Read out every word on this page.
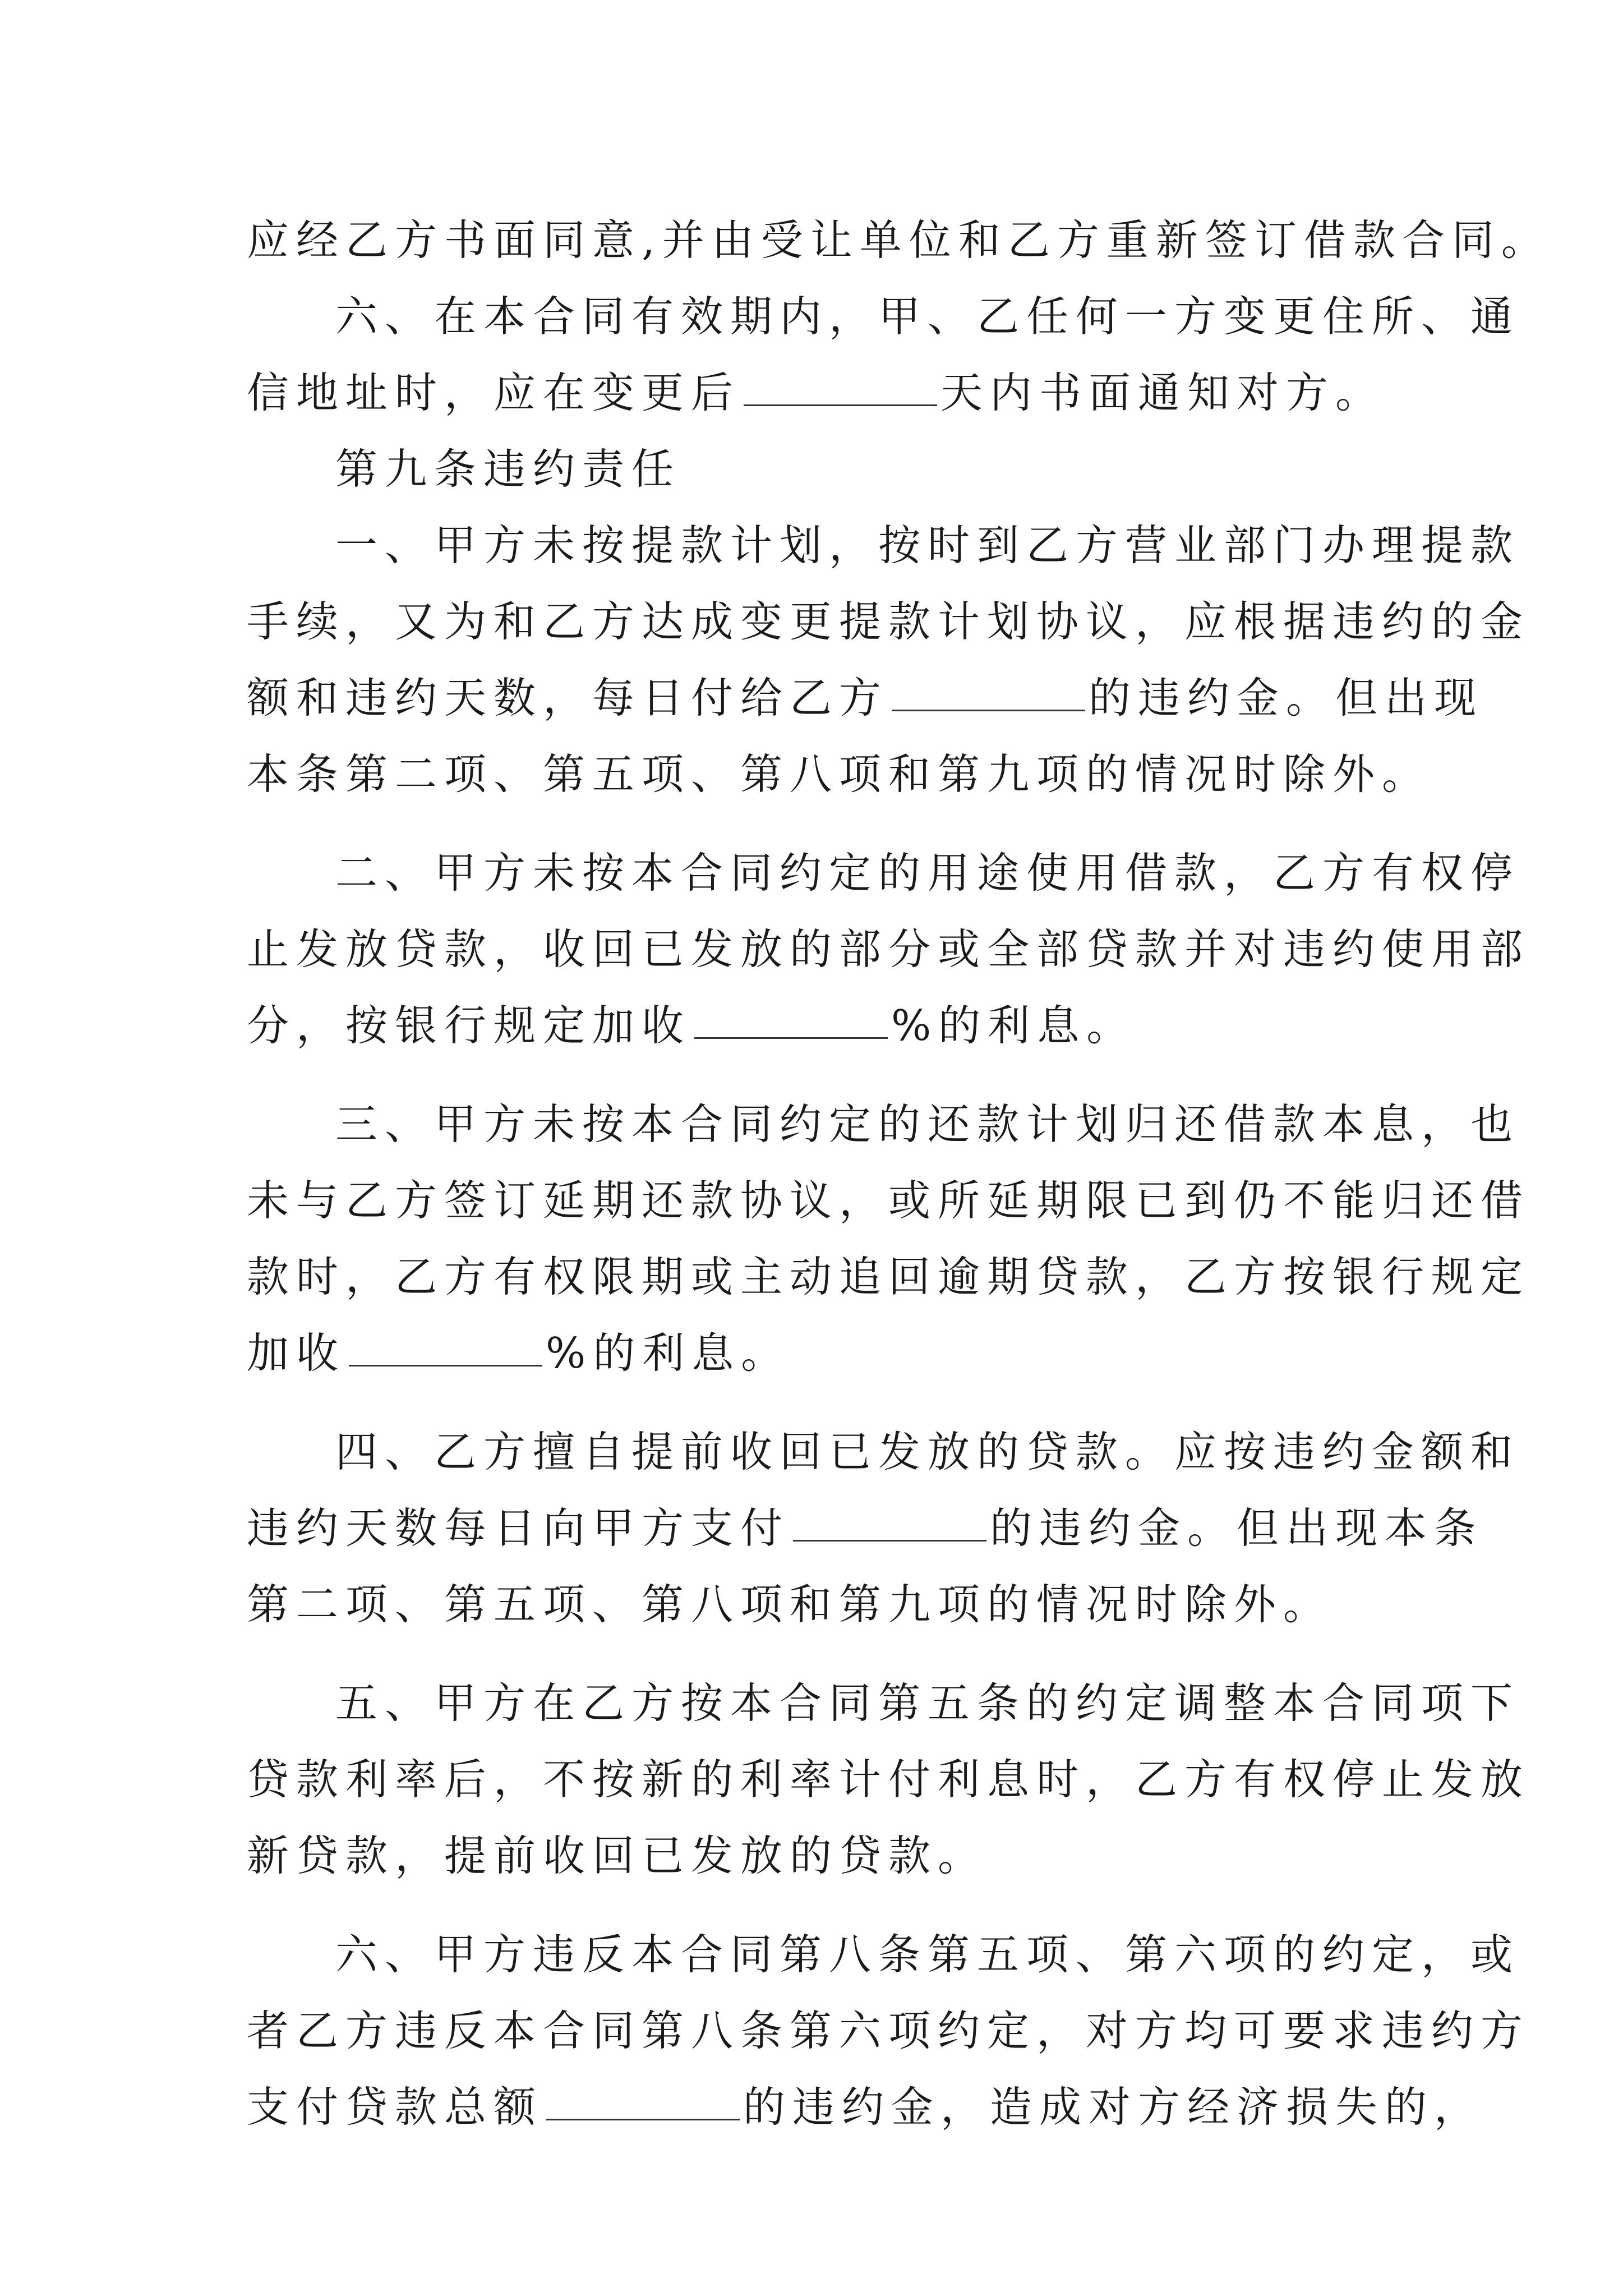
应经乙方书面同意,并由受让单位和乙方重新签订借款合同。
六、在本合同有效期内，甲、乙任何一方变更住所、通
信地址时，应在变更后	天内书面通知对方。
第九条违约责任
一、甲方未按提款计划，按时到乙方营业部门办理提款
手续，又为和乙方达成变更提款计划协议，应根据违约的金
额和违约天数，每日付给乙方	的违约金。但出现
本条第二项、第五项、第八项和第九项的情况时除外。
二、甲方未按本合同约定的用途使用借款，乙方有权停
止发放贷款，收回已发放的部分或全部贷款并对违约使用部
分，按银行规定加收	%的利息。
三、甲方未按本合同约定的还款计划归还借款本息，也
未与乙方签订延期还款协议，或所延期限已到仍不能归还借
款时，乙方有权限期或主动追回逾期贷款，乙方按银行规定
加收	%的利息。
四、乙方擅自提前收回已发放的贷款。应按违约金额和
违约天数每日向甲方支付	的违约金。但出现本条
第二项、第五项、第八项和第九项的情况时除外。
五、甲方在乙方按本合同第五条的约定调整本合同项下
贷款利率后，不按新的利率计付利息时，乙方有权停止发放
新贷款，提前收回已发放的贷款。
六、甲方违反本合同第八条第五项、第六项的约定，或
者乙方违反本合同第八条第六项约定，对方均可要求违约方
支付贷款总额	的违约金，造成对方经济损失的，
